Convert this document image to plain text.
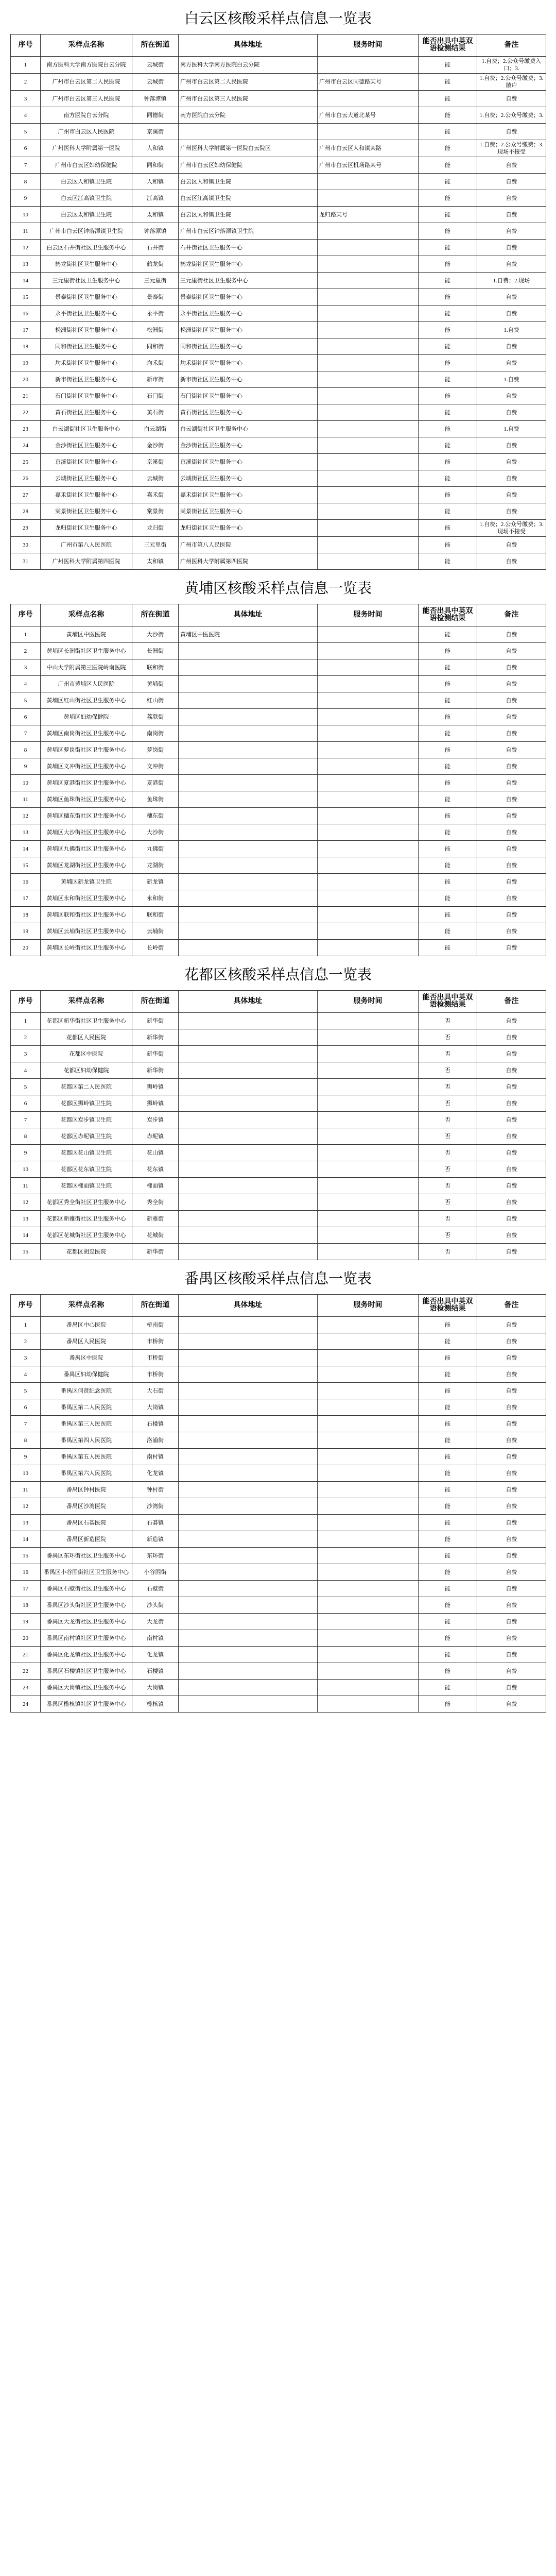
白云区核酸采样点信息一览表
序号	采样点名称	所在街道	具体地址	服务时间	能否出具中英双语检测结果	备注
1	南方医科大学南方医院白云分院	云城街	南方医科大学南方医院白云分院		能	1.自费；2.公众号缴费入口；3.
2	广州市白云区第二人民医院	云城街	广州市白云区第二人民医院	广州市白云区同德路某号	能	1.自费；2.公众号缴费；3.散户
3	广州市白云区第三人民医院	钟落潭镇	广州市白云区第三人民医院		能	自费
4	南方医院白云分院	同德街	南方医院白云分院	广州市白云大道北某号	能	1.自费；2.公众号缴费；3.
5	广州市白云区人民医院	京溪街			能	自费
6	广州医科大学附属第一医院	人和镇	广州医科大学附属第一医院白云院区	广州市白云区人和镇某路	能	1.自费；2.公众号缴费；3.现场不接受
7	广州市白云区妇幼保健院	同和街	广州市白云区妇幼保健院	广州市白云区机场路某号	能	自费
8	白云区人和镇卫生院	人和镇	白云区人和镇卫生院		能	自费
9	白云区江高镇卫生院	江高镇	白云区江高镇卫生院		能	自费
10	白云区太和镇卫生院	太和镇	白云区太和镇卫生院	龙归路某号	能	自费
11	广州市白云区钟落潭镇卫生院	钟落潭镇	广州市白云区钟落潭镇卫生院		能	自费
12	白云区石井街社区卫生服务中心	石井街	石井街社区卫生服务中心		能	自费
13	鹤龙街社区卫生服务中心	鹤龙街	鹤龙街社区卫生服务中心		能	自费
14	三元里街社区卫生服务中心	三元里街	三元里街社区卫生服务中心		能	1.自费；2.现场
15	景泰街社区卫生服务中心	景泰街	景泰街社区卫生服务中心		能	自费
16	永平街社区卫生服务中心	永平街	永平街社区卫生服务中心		能	自费
17	松洲街社区卫生服务中心	松洲街	松洲街社区卫生服务中心		能	1.自费
18	同和街社区卫生服务中心	同和街	同和街社区卫生服务中心		能	自费
19	均禾街社区卫生服务中心	均禾街	均禾街社区卫生服务中心		能	自费
20	新市街社区卫生服务中心	新市街	新市街社区卫生服务中心		能	1.自费
21	石门街社区卫生服务中心	石门街	石门街社区卫生服务中心		能	自费
22	黄石街社区卫生服务中心	黄石街	黄石街社区卫生服务中心		能	自费
23	白云湖街社区卫生服务中心	白云湖街	白云湖街社区卫生服务中心		能	1.自费
24	金沙街社区卫生服务中心	金沙街	金沙街社区卫生服务中心		能	自费
25	京溪街社区卫生服务中心	京溪街	京溪街社区卫生服务中心		能	自费
26	云城街社区卫生服务中心	云城街	云城街社区卫生服务中心		能	自费
27	嘉禾街社区卫生服务中心	嘉禾街	嘉禾街社区卫生服务中心		能	自费
28	棠景街社区卫生服务中心	棠景街	棠景街社区卫生服务中心		能	自费
29	龙归街社区卫生服务中心	龙归街	龙归街社区卫生服务中心		能	1.自费；2.公众号缴费；3.现场不接受
30	广州市第八人民医院	三元里街	广州市第八人民医院		能	自费
31	广州医科大学附属第四医院	太和镇	广州医科大学附属第四医院		能	自费
黄埔区核酸采样点信息一览表
序号	采样点名称	所在街道	具体地址	服务时间	能否出具中英双语检测结果	备注
1	黄埔区中医医院	大沙街	黄埔区中医医院		能	自费
2	黄埔区长洲街社区卫生服务中心	长洲街			能	自费
3	中山大学附属第三医院岭南医院	联和街			能	自费
4	广州市黄埔区人民医院	黄埔街			能	自费
5	黄埔区红山街社区卫生服务中心	红山街			能	自费
6	黄埔区妇幼保健院	荔联街			能	自费
7	黄埔区南岗街社区卫生服务中心	南岗街			能	自费
8	黄埔区萝岗街社区卫生服务中心	萝岗街			能	自费
9	黄埔区文冲街社区卫生服务中心	文冲街			能	自费
10	黄埔区夏港街社区卫生服务中心	夏港街			能	自费
11	黄埔区鱼珠街社区卫生服务中心	鱼珠街			能	自费
12	黄埔区穗东街社区卫生服务中心	穗东街			能	自费
13	黄埔区大沙街社区卫生服务中心	大沙街			能	自费
14	黄埔区九佛街社区卫生服务中心	九佛街			能	自费
15	黄埔区龙湖街社区卫生服务中心	龙湖街			能	自费
16	黄埔区新龙镇卫生院	新龙镇			能	自费
17	黄埔区永和街社区卫生服务中心	永和街			能	自费
18	黄埔区联和街社区卫生服务中心	联和街			能	自费
19	黄埔区云埔街社区卫生服务中心	云埔街			能	自费
20	黄埔区长岭街社区卫生服务中心	长岭街			能	自费
花都区核酸采样点信息一览表
序号	采样点名称	所在街道	具体地址	服务时间	能否出具中英双语检测结果	备注
1	花都区新华街社区卫生服务中心	新华街			否	自费
2	花都区人民医院	新华街			否	自费
3	花都区中医院	新华街			否	自费
4	花都区妇幼保健院	新华街			否	自费
5	花都区第二人民医院	狮岭镇			否	自费
6	花都区狮岭镇卫生院	狮岭镇			否	自费
7	花都区炭步镇卫生院	炭步镇			否	自费
8	花都区赤坭镇卫生院	赤坭镇			否	自费
9	花都区花山镇卫生院	花山镇			否	自费
10	花都区花东镇卫生院	花东镇			否	自费
11	花都区梯面镇卫生院	梯面镇			否	自费
12	花都区秀全街社区卫生服务中心	秀全街			否	自费
13	花都区新雅街社区卫生服务中心	新雅街			否	自费
14	花都区花城街社区卫生服务中心	花城街			否	自费
15	花都区胡忠医院	新华街			否	自费
番禺区核酸采样点信息一览表
序号	采样点名称	所在街道	具体地址	服务时间	能否出具中英双语检测结果	备注
1	番禺区中心医院	桥南街			能	自费
2	番禺区人民医院	市桥街			能	自费
3	番禺区中医院	市桥街			能	自费
4	番禺区妇幼保健院	市桥街			能	自费
5	番禺区何贤纪念医院	大石街			能	自费
6	番禺区第二人民医院	大岗镇			能	自费
7	番禺区第三人民医院	石楼镇			能	自费
8	番禺区第四人民医院	洛浦街			能	自费
9	番禺区第五人民医院	南村镇			能	自费
10	番禺区第六人民医院	化龙镇			能	自费
11	番禺区钟村医院	钟村街			能	自费
12	番禺区沙湾医院	沙湾街			能	自费
13	番禺区石碁医院	石碁镇			能	自费
14	番禺区新造医院	新造镇			能	自费
15	番禺区东环街社区卫生服务中心	东环街			能	自费
16	番禺区小谷围街社区卫生服务中心	小谷围街			能	自费
17	番禺区石壁街社区卫生服务中心	石壁街			能	自费
18	番禺区沙头街社区卫生服务中心	沙头街			能	自费
19	番禺区大龙街社区卫生服务中心	大龙街			能	自费
20	番禺区南村镇社区卫生服务中心	南村镇			能	自费
21	番禺区化龙镇社区卫生服务中心	化龙镇			能	自费
22	番禺区石楼镇社区卫生服务中心	石楼镇			能	自费
23	番禺区大岗镇社区卫生服务中心	大岗镇			能	自费
24	番禺区榄核镇社区卫生服务中心	榄核镇			能	自费
